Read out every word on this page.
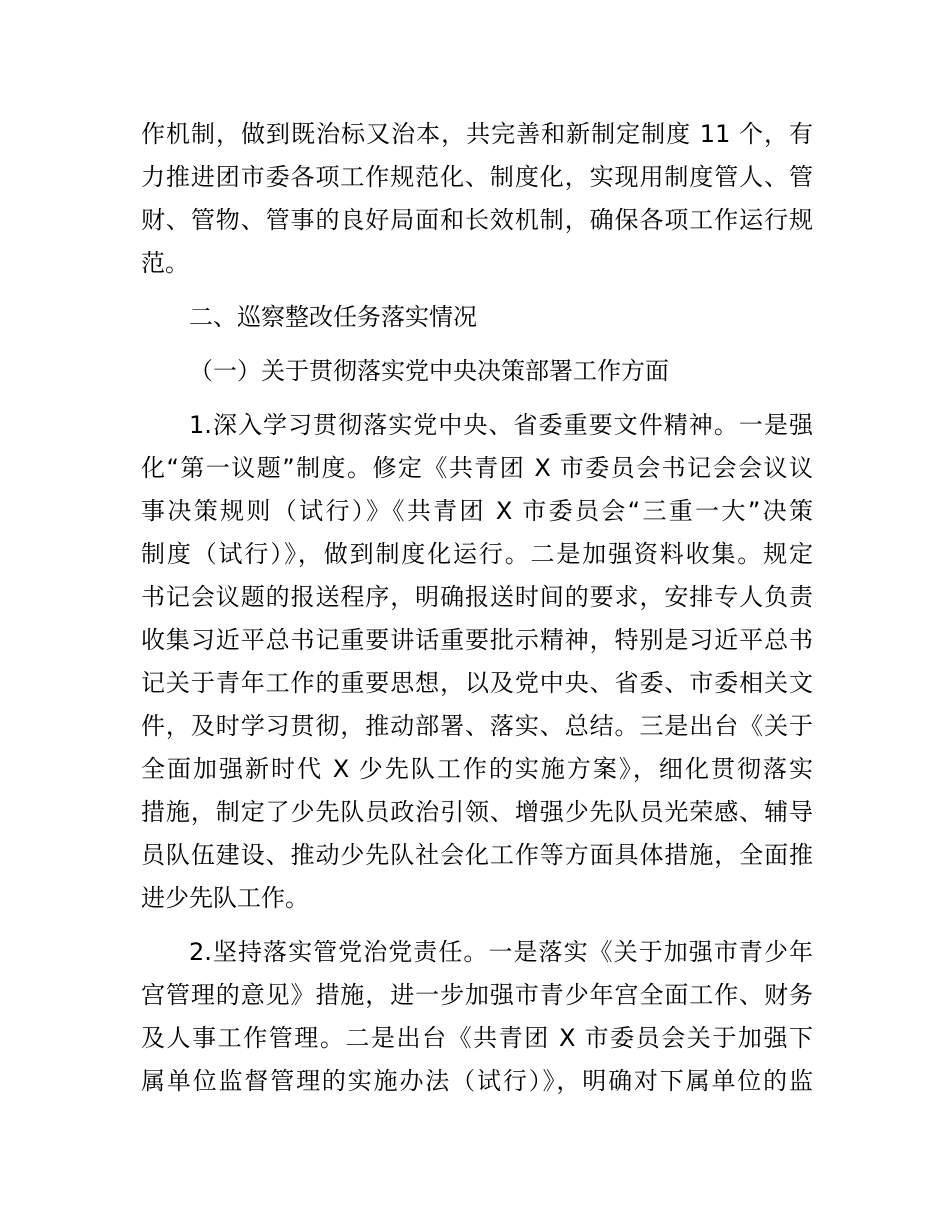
作机制，做到既治标又治本，共完善和新制定制度 11 个，有
力推进团市委各项工作规范化、制度化，实现用制度管人、管
财、管物、管事的良好局面和长效机制，确保各项工作运行规
范。
二、巡察整改任务落实情况
（一）关于贯彻落实党中央决策部署工作方面
1.深入学习贯彻落实党中央、省委重要文件精神。一是强
化“第一议题”制度。修定《共青团 X 市委员会书记会会议议
事决策规则（试行）》《共青团 X 市委员会“三重一大”决策
制度（试行）》，做到制度化运行。二是加强资料收集。规定
书记会议题的报送程序，明确报送时间的要求，安排专人负责
收集习近平总书记重要讲话重要批示精神，特别是习近平总书
记关于青年工作的重要思想，以及党中央、省委、市委相关文
件，及时学习贯彻，推动部署、落实、总结。三是出台《关于
全面加强新时代 X 少先队工作的实施方案》，细化贯彻落实
措施，制定了少先队员政治引领、增强少先队员光荣感、辅导
员队伍建设、推动少先队社会化工作等方面具体措施，全面推
进少先队工作。
2.坚持落实管党治党责任。一是落实《关于加强市青少年
宫管理的意见》措施，进一步加强市青少年宫全面工作、财务
及人事工作管理。二是出台《共青团 X 市委员会关于加强下
属单位监督管理的实施办法（试行）》，明确对下属单位的监
